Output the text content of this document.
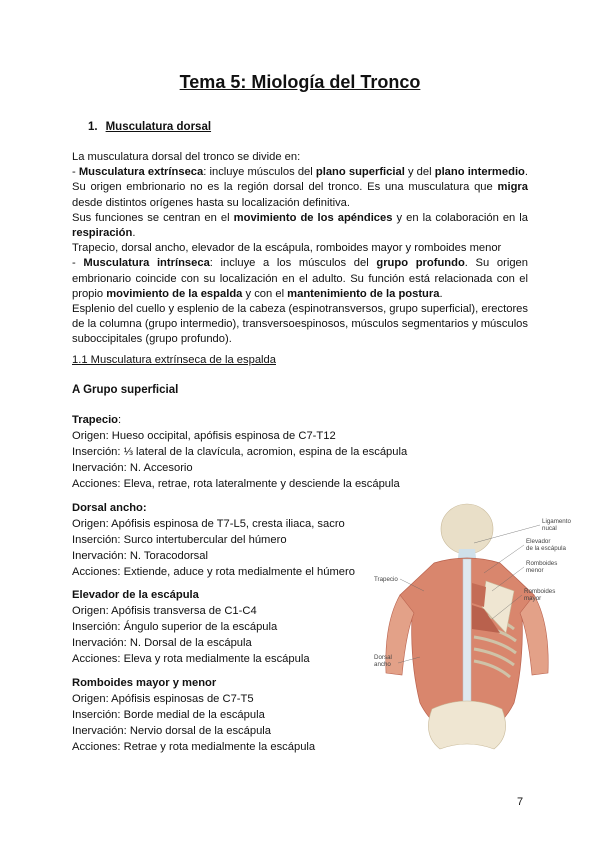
Tema 5: Miología del Tronco
1. Musculatura dorsal

La musculatura dorsal del tronco se divide en:

- Musculatura extrínseca: incluye músculos del plano superficial y del plano intermedio. Su origen embrionario no es la región dorsal del tronco. Es una musculatura que migra desde distintos orígenes hasta su localización definitiva.

Sus funciones se centran en el movimiento de los apéndices y en la colaboración en la respiración.

Trapecio, dorsal ancho, elevador de la escápula, romboides mayor y romboides menor

- Musculatura intrínseca: incluye a los músculos del grupo profundo. Su origen embrionario coincide con su localización en el adulto. Su función está relacionada con el propio movimiento de la espalda y con el mantenimiento de la postura.

Esplenio del cuello y esplenio de la cabeza (espinotransversos, grupo superficial), erectores de la columna (grupo intermedio), transversoespinosos, músculos segmentarios y músculos suboccipitales (grupo profundo).

1.1 Musculatura extrínseca de la espalda
A Grupo superficial
Trapecio:
Origen: Hueso occipital, apófisis espinosa de C7-T12
Inserción: ⅓ lateral de la clavícula, acromion, espina de la escápula
Inervación: N. Accesorio
Acciones: Eleva, retrae, rota lateralmente y desciende la escápula
Dorsal ancho:
Origen: Apófisis espinosa de T7-L5, cresta iliaca, sacro
Inserción: Surco intertubercular del húmero
Inervación: N. Toracodorsal
Acciones: Extiende, aduce y rota medialmente el húmero
Elevador de la escápula
Origen: Apófisis transversa de C1-C4
Inserción: Ángulo superior de la escápula
Inervación: N. Dorsal de la escápula
Acciones: Eleva y rota medialmente la escápula
Romboides mayor y menor
Origen: Apófisis espinosas de C7-T5
Inserción: Borde medial de la escápula
Inervación: Nervio dorsal de la escápula
Acciones: Retrae y rota medialmente la escápula
Ligamento nucal
Elevador de la escápula
Romboides menor
Romboides mayor
Trapecio
Dorsal ancho
7
